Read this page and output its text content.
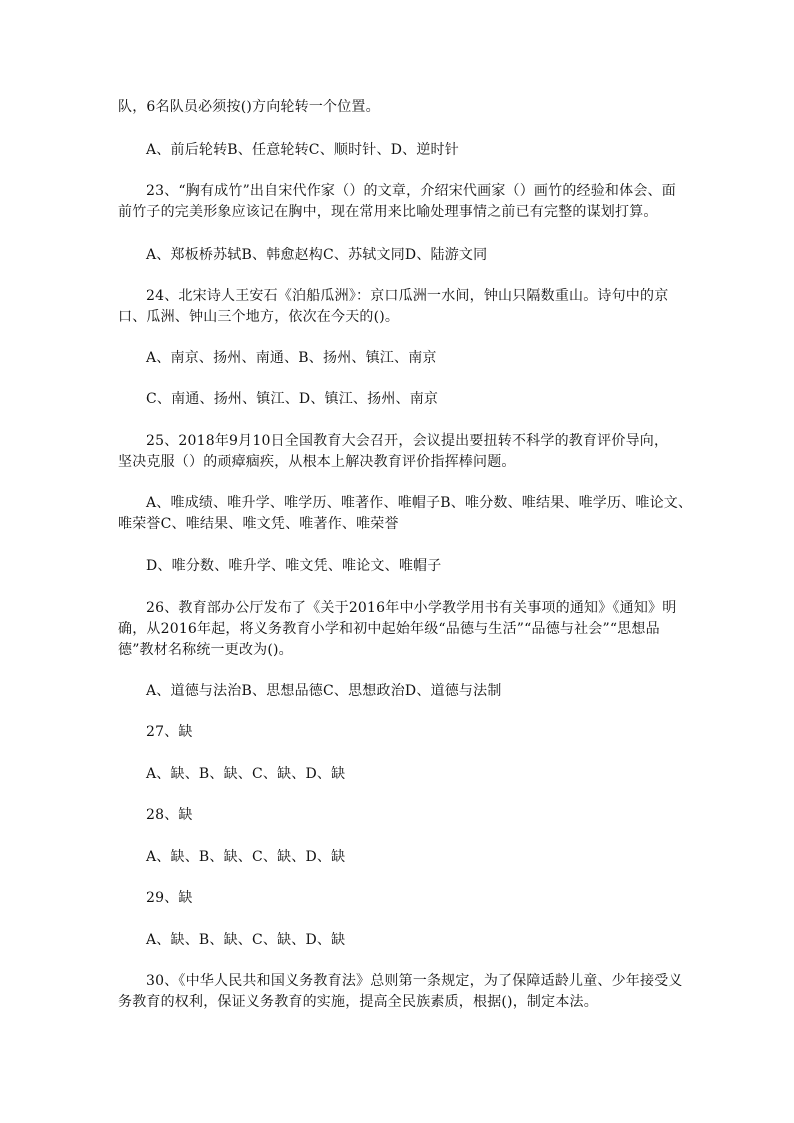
队，6名队员必须按()方向轮转一个位置。
A、前后轮转B、任意轮转C、顺时针、D、逆时针
23、“胸有成竹”出自宋代作家（）的文章，介绍宋代画家（）画竹的经验和体会、面
前竹子的完美形象应该记在胸中，现在常用来比喻处理事情之前已有完整的谋划打算。
A、郑板桥苏轼B、韩愈赵构C、苏轼文同D、陆游文同
24、北宋诗人王安石《泊船瓜洲》：京口瓜洲一水间，钟山只隔数重山。诗句中的京
口、瓜洲、钟山三个地方，依次在今天的()。
A、南京、扬州、南通、B、扬州、镇江、南京
C、南通、扬州、镇江、D、镇江、扬州、南京
25、2018年9月10日全国教育大会召开，会议提出要扭转不科学的教育评价导向，
坚决克服（）的顽瘴痼疾，从根本上解决教育评价指挥棒问题。
A、唯成绩、唯升学、唯学历、唯著作、唯帽子B、唯分数、唯结果、唯学历、唯论文、
唯荣誉C、唯结果、唯文凭、唯著作、唯荣誉
D、唯分数、唯升学、唯文凭、唯论文、唯帽子
26、教育部办公厅发布了《关于2016年中小学教学用书有关事项的通知》《通知》明
确，从2016年起，将义务教育小学和初中起始年级“品德与生活”“品德与社会”“思想品
德”教材名称统一更改为()。
A、道德与法治B、思想品德C、思想政治D、道德与法制
27、缺
A、缺、B、缺、C、缺、D、缺
28、缺
A、缺、B、缺、C、缺、D、缺
29、缺
A、缺、B、缺、C、缺、D、缺
30、《中华人民共和国义务教育法》总则第一条规定，为了保障适龄儿童、少年接受义
务教育的权利，保证义务教育的实施，提高全民族素质，根据()，制定本法。
